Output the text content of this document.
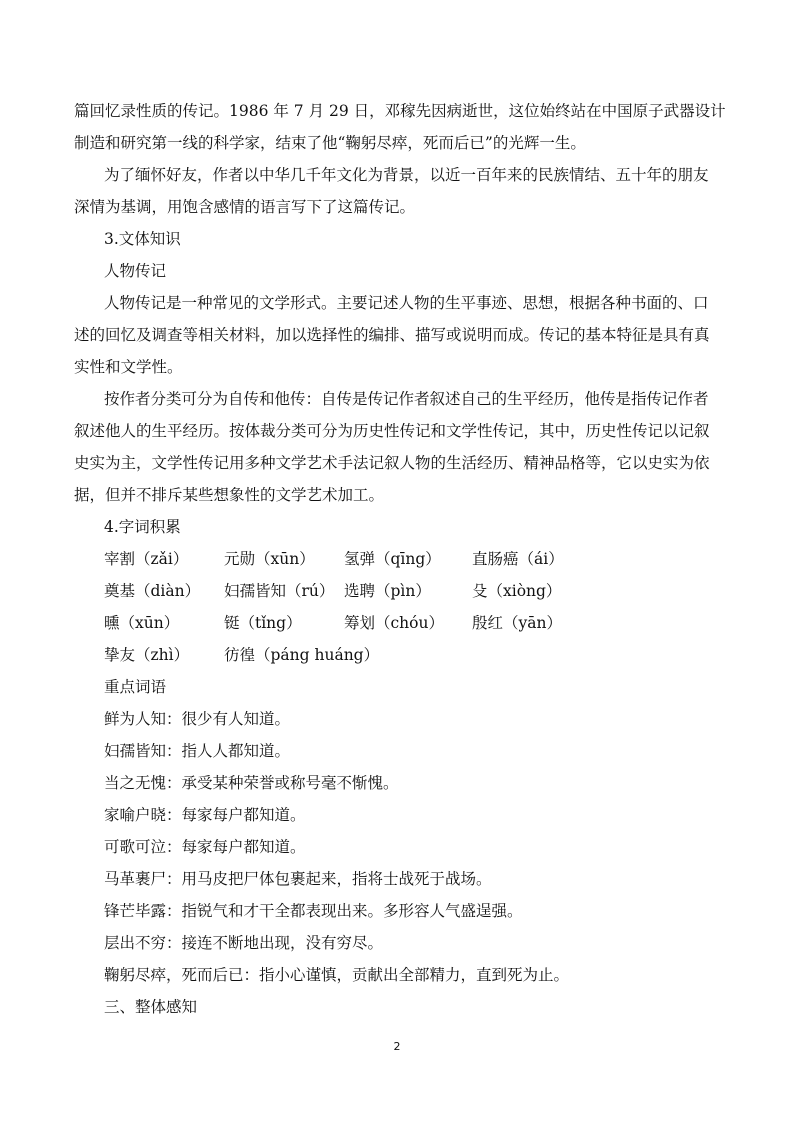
篇回忆录性质的传记。1986 年 7 月 29 日，邓稼先因病逝世，这位始终站在中国原子武器设计
制造和研究第一线的科学家，结束了他“鞠躬尽瘁，死而后已”的光辉一生。
为了缅怀好友，作者以中华几千年文化为背景，以近一百年来的民族情结、五十年的朋友
深情为基调，用饱含感情的语言写下了这篇传记。
3.文体知识
人物传记
人物传记是一种常见的文学形式。主要记述人物的生平事迹、思想，根据各种书面的、口
述的回忆及调查等相关材料，加以选择性的编排、描写或说明而成。传记的基本特征是具有真
实性和文学性。
按作者分类可分为自传和他传：自传是传记作者叙述自己的生平经历，他传是指传记作者
叙述他人的生平经历。按体裁分类可分为历史性传记和文学性传记，其中，历史性传记以记叙
史实为主，文学性传记用多种文学艺术手法记叙人物的生活经历、精神品格等，它以史实为依
据，但并不排斥某些想象性的文学艺术加工。
4.字词积累
宰割（zǎi） 元勋（xūn） 氢弹（qīng） 直肠癌（ái）
奠基（diàn） 妇孺皆知（rú） 选聘（pìn）	殳（xiòng）
曛（xūn）	铤（tǐng）	筹划（chóu） 殷红（yān）
挚友（zhì） 彷徨（páng huáng）
重点词语
鲜为人知：很少有人知道。
妇孺皆知：指人人都知道。
当之无愧：承受某种荣誉或称号毫不惭愧。
家喻户晓：每家每户都知道。
可歌可泣：每家每户都知道。
马革裹尸：用马皮把尸体包裹起来，指将士战死于战场。
锋芒毕露：指锐气和才干全都表现出来。多形容人气盛逞强。
层出不穷：接连不断地出现，没有穷尽。
鞠躬尽瘁，死而后已：指小心谨慎，贡献出全部精力，直到死为止。
三、整体感知
2
